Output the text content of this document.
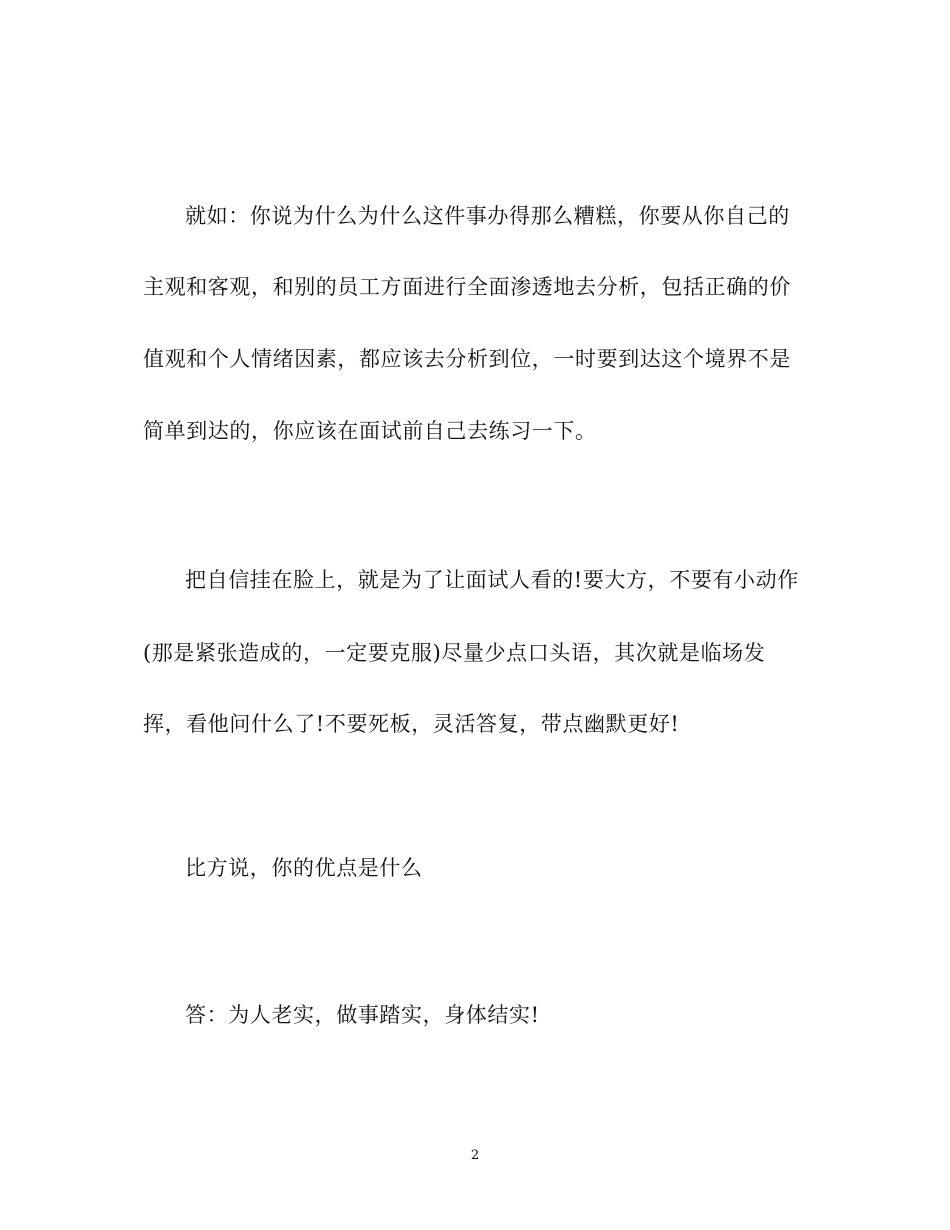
就如：你说为什么为什么这件事办得那么糟糕，你要从你自己的
主观和客观，和别的员工方面进行全面渗透地去分析，包括正确的价
值观和个人情绪因素，都应该去分析到位，一时要到达这个境界不是
简单到达的，你应该在面试前自己去练习一下。
把自信挂在脸上，就是为了让面试人看的!要大方，不要有小动作
(那是紧张造成的，一定要克服)尽量少点口头语，其次就是临场发
挥，看他问什么了!不要死板，灵活答复，带点幽默更好!
比方说，你的优点是什么
答：为人老实，做事踏实，身体结实!
2
